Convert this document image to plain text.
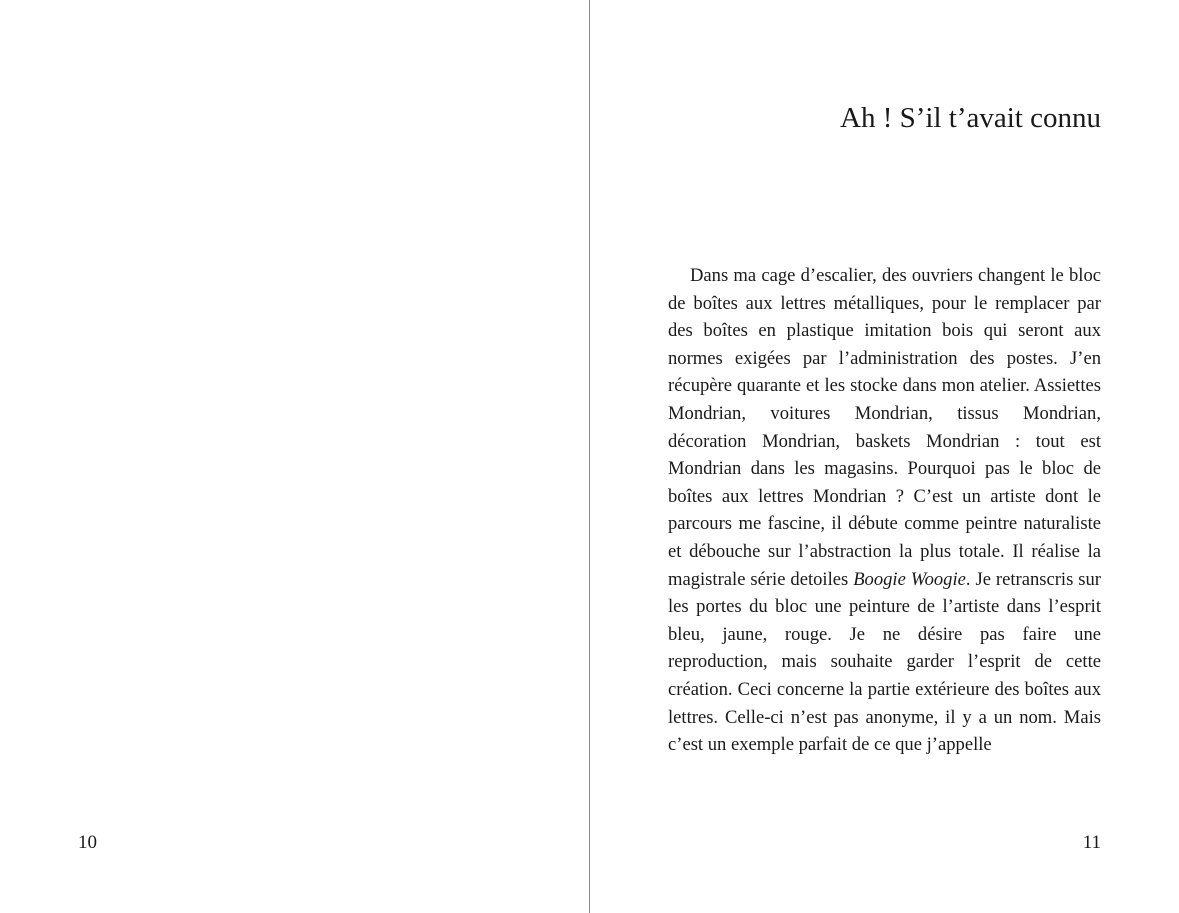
10
Ah ! S’il t’avait connu

Dans ma cage d’escalier, des ouvriers changent le bloc de boîtes aux lettres métalliques, pour le remplacer par des boîtes en plastique imitation bois qui seront aux normes exigées par l’administration des postes. J’en récupère quarante et les stocke dans mon atelier. Assiettes Mondrian, voitures Mondrian, tissus Mondrian, décoration Mondrian, baskets Mondrian : tout est Mondrian dans les magasins. Pourquoi pas le bloc de boîtes aux lettres Mondrian ? C’est un artiste dont le parcours me fascine, il débute comme peintre naturaliste et débouche sur l’abstraction la plus totale. Il réalise la magistrale série detoiles Boogie Woogie. Je retranscris sur les portes du bloc une peinture de l’artiste dans l’esprit bleu, jaune, rouge. Je ne désire pas faire une reproduction, mais souhaite garder l’esprit de cette création. Ceci concerne la partie extérieure des boîtes aux lettres. Celle-ci n’est pas anonyme, il y a un nom. Mais c’est un exemple parfait de ce que j’appelle

11
